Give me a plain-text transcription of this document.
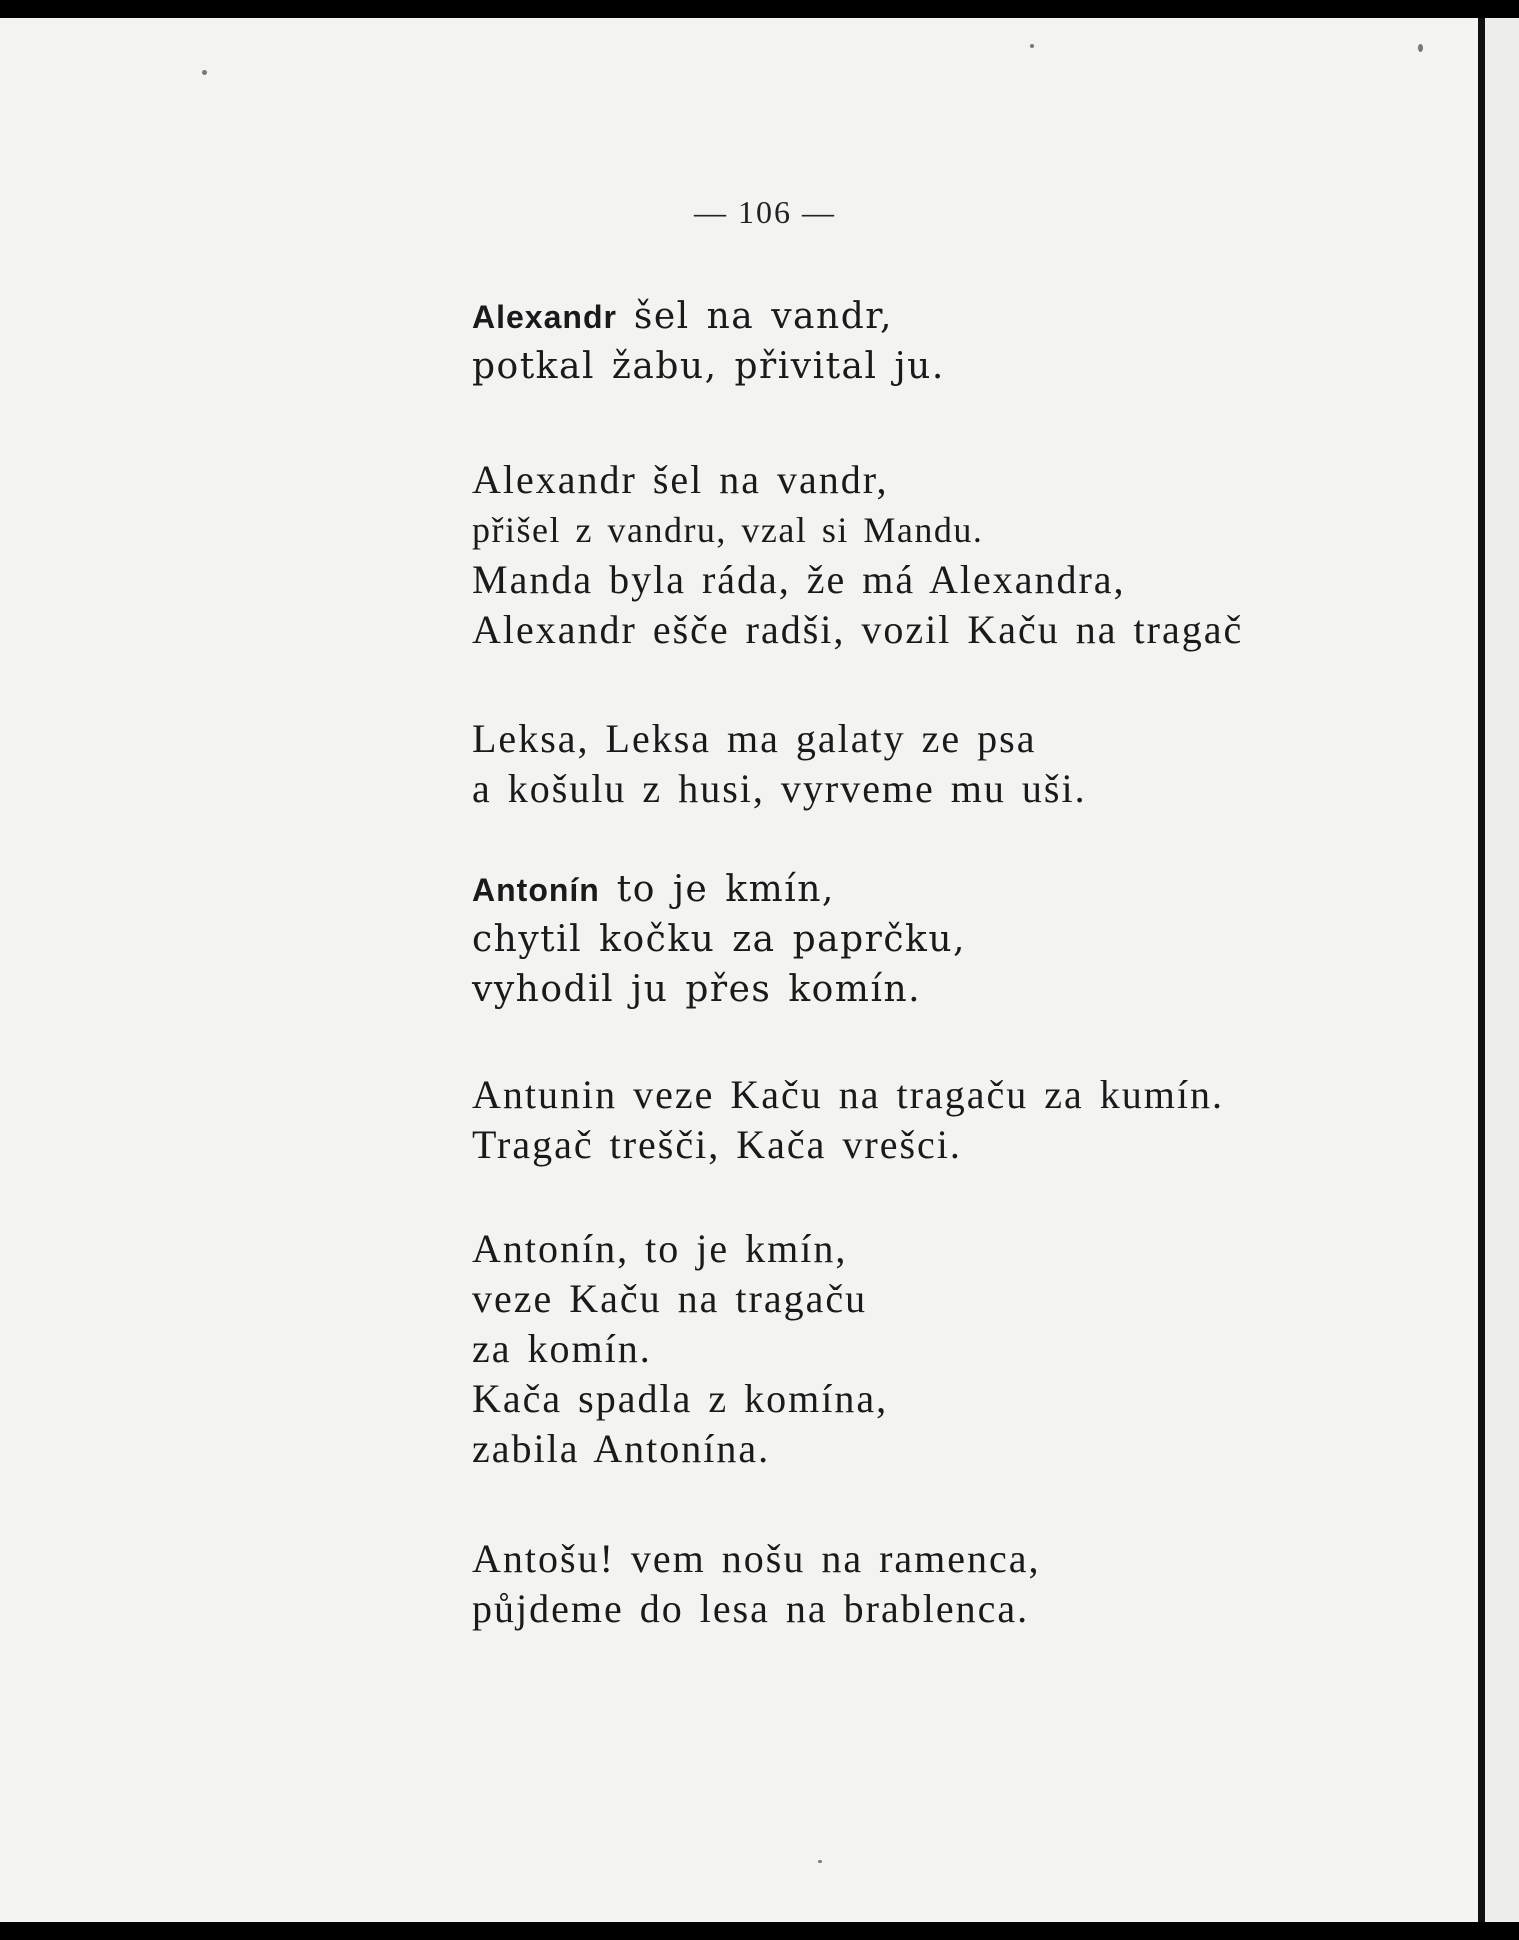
— 106 —
Alexandr šel na vandr,
potkal žabu, přivital ju.
Alexandr šel na vandr,
přišel z vandru, vzal si Mandu.
Manda byla ráda, že má Alexandra,
Alexandr ešče radši, vozil Kaču na tragač
Leksa, Leksa ma galaty ze psa
a košulu z husi, vyrveme mu uši.
Antonín to je kmín,
chytil kočku za paprčku,
vyhodil ju přes komín.
Antunin veze Kaču na tragaču za kumín.
Tragač trešči, Kača vrešci.
Antonín, to je kmín,
veze Kaču na tragaču
za komín.
Kača spadla z komína,
zabila Antonína.
Antošu! vem nošu na ramenca,
půjdeme do lesa na brablenca.
